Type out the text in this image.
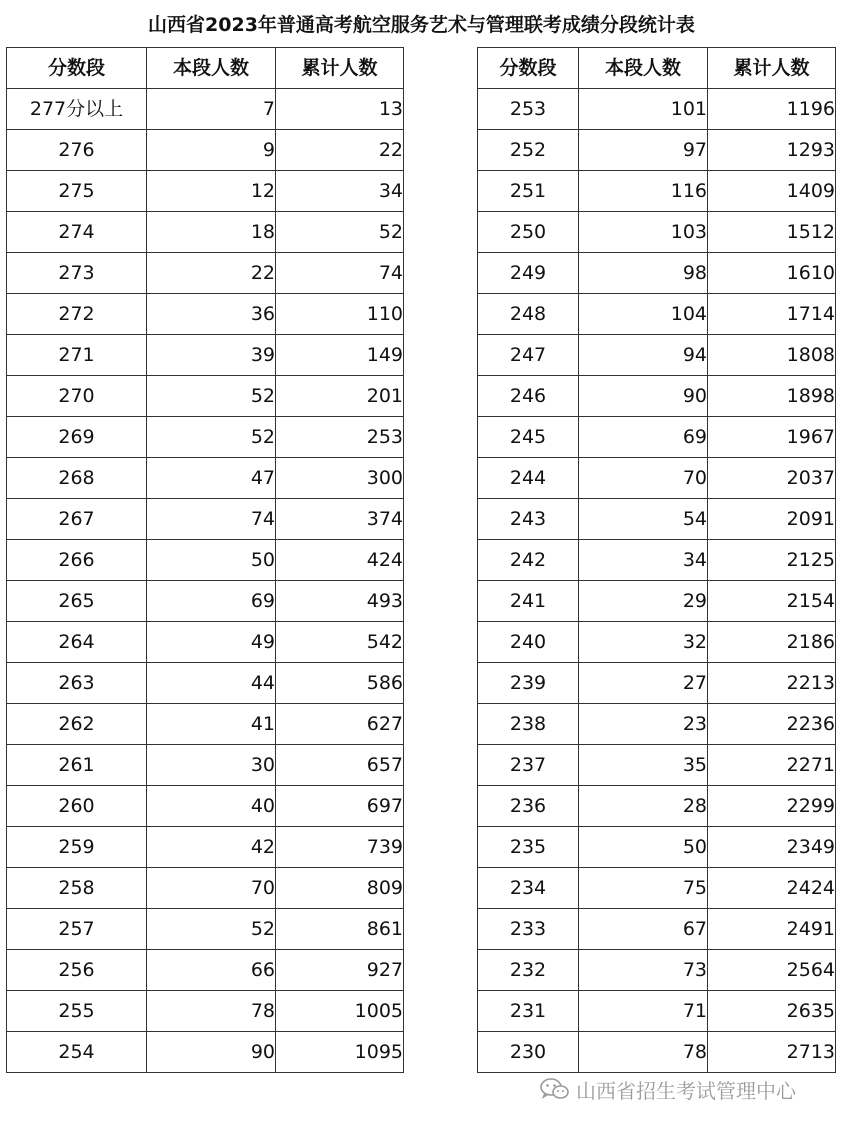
山西省2023年普通高考航空服务艺术与管理联考成绩分段统计表
分数段	本段人数	累计人数
277分以上	7	13
276	9	22
275	12	34
274	18	52
273	22	74
272	36	110
271	39	149
270	52	201
269	52	253
268	47	300
267	74	374
266	50	424
265	69	493
264	49	542
263	44	586
262	41	627
261	30	657
260	40	697
259	42	739
258	70	809
257	52	861
256	66	927
255	78	1005
254	90	1095
分数段	本段人数	累计人数
253	101	1196
252	97	1293
251	116	1409
250	103	1512
249	98	1610
248	104	1714
247	94	1808
246	90	1898
245	69	1967
244	70	2037
243	54	2091
242	34	2125
241	29	2154
240	32	2186
239	27	2213
238	23	2236
237	35	2271
236	28	2299
235	50	2349
234	75	2424
233	67	2491
232	73	2564
231	71	2635
230	78	2713
山西省招生考试管理中心
